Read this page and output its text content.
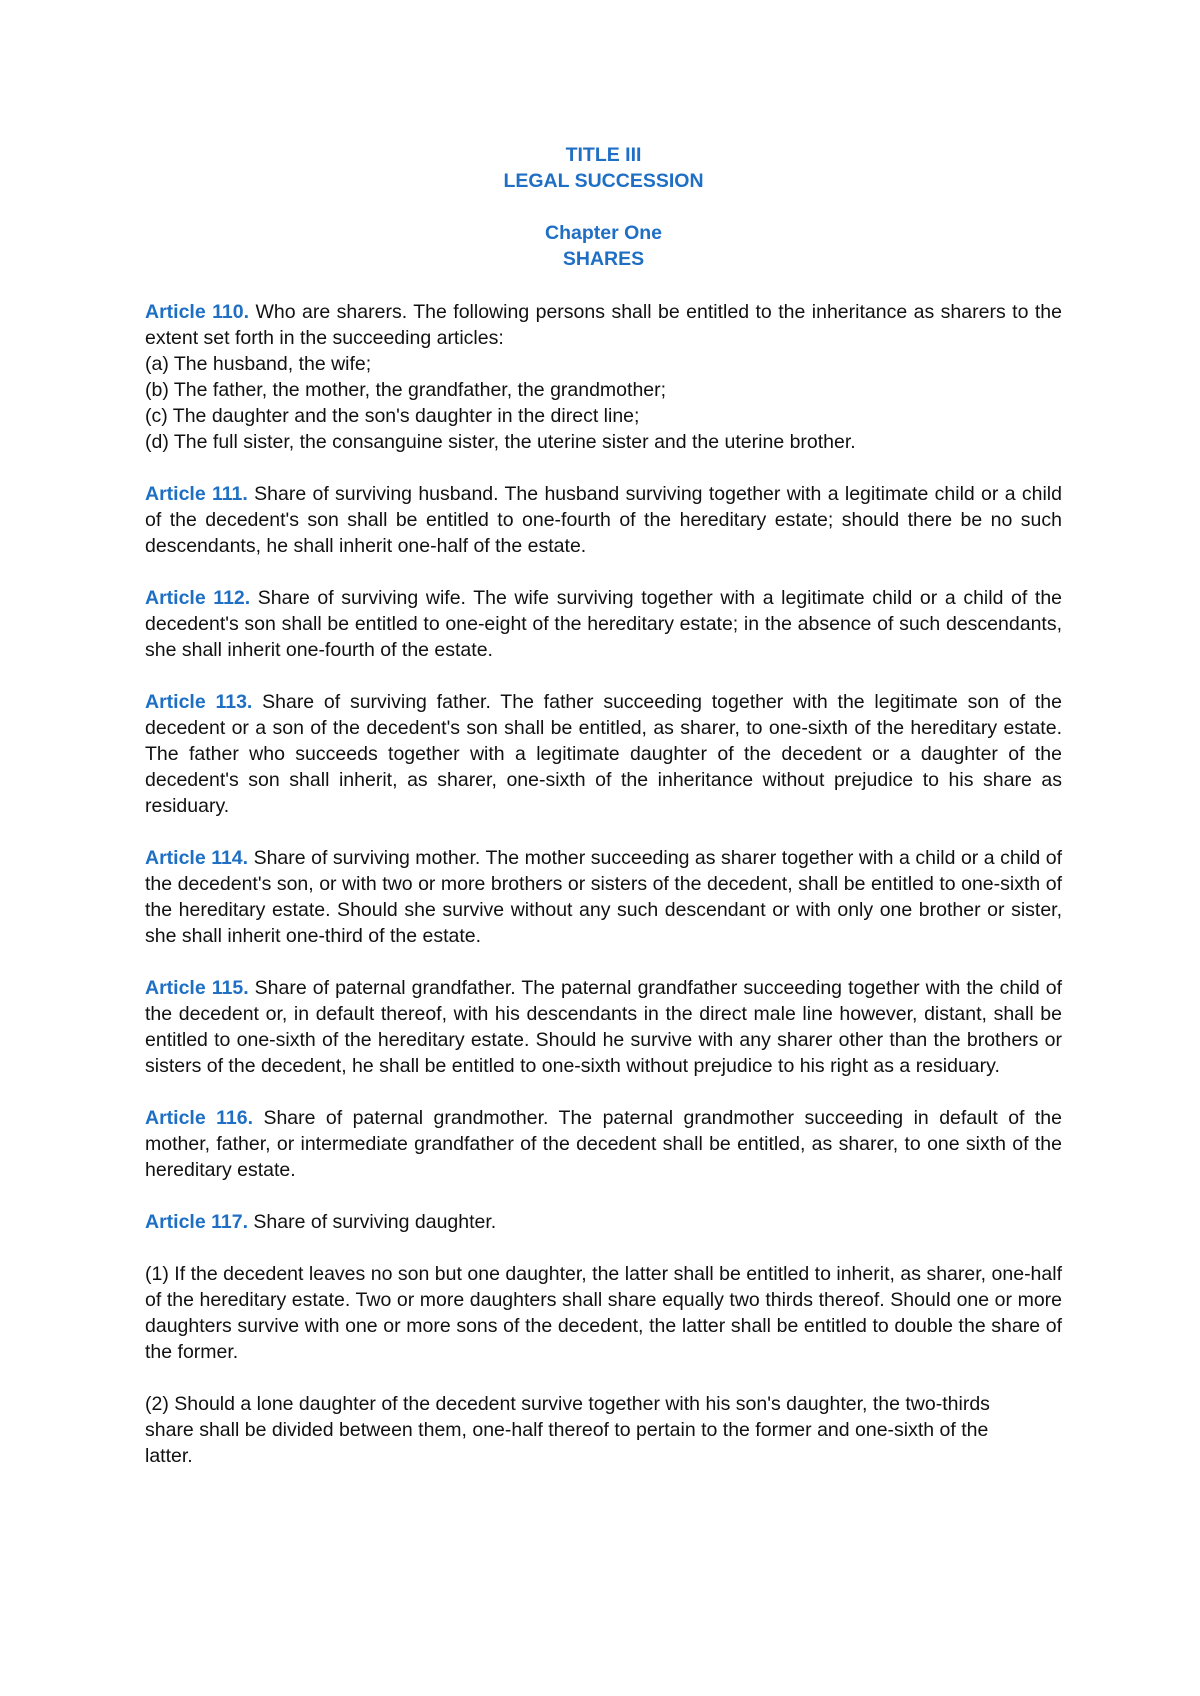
TITLE III
LEGAL SUCCESSION
Chapter One
SHARES
Article 110. Who are sharers. The following persons shall be entitled to the inheritance as sharers to the extent set forth in the succeeding articles:
(a) The husband, the wife;
(b) The father, the mother, the grandfather, the grandmother;
(c) The daughter and the son's daughter in the direct line;
(d) The full sister, the consanguine sister, the uterine sister and the uterine brother.
Article 111. Share of surviving husband. The husband surviving together with a legitimate child or a child of the decedent's son shall be entitled to one-fourth of the hereditary estate; should there be no such descendants, he shall inherit one-half of the estate.
Article 112. Share of surviving wife. The wife surviving together with a legitimate child or a child of the decedent's son shall be entitled to one-eight of the hereditary estate; in the absence of such descendants, she shall inherit one-fourth of the estate.
Article 113. Share of surviving father. The father succeeding together with the legitimate son of the decedent or a son of the decedent's son shall be entitled, as sharer, to one-sixth of the hereditary estate. The father who succeeds together with a legitimate daughter of the decedent or a daughter of the decedent's son shall inherit, as sharer, one-sixth of the inheritance without prejudice to his share as residuary.
Article 114. Share of surviving mother. The mother succeeding as sharer together with a child or a child of the decedent's son, or with two or more brothers or sisters of the decedent, shall be entitled to one-sixth of the hereditary estate. Should she survive without any such descendant or with only one brother or sister, she shall inherit one-third of the estate.
Article 115. Share of paternal grandfather. The paternal grandfather succeeding together with the child of the decedent or, in default thereof, with his descendants in the direct male line however, distant, shall be entitled to one-sixth of the hereditary estate. Should he survive with any sharer other than the brothers or sisters of the decedent, he shall be entitled to one-sixth without prejudice to his right as a residuary.
Article 116. Share of paternal grandmother. The paternal grandmother succeeding in default of the mother, father, or intermediate grandfather of the decedent shall be entitled, as sharer, to one sixth of the hereditary estate.
Article 117. Share of surviving daughter.
(1) If the decedent leaves no son but one daughter, the latter shall be entitled to inherit, as sharer, one-half of the hereditary estate. Two or more daughters shall share equally two thirds thereof. Should one or more daughters survive with one or more sons of the decedent, the latter shall be entitled to double the share of the former.
(2) Should a lone daughter of the decedent survive together with his son's daughter, the two-thirds share shall be divided between them, one-half thereof to pertain to the former and one-sixth of the latter.
